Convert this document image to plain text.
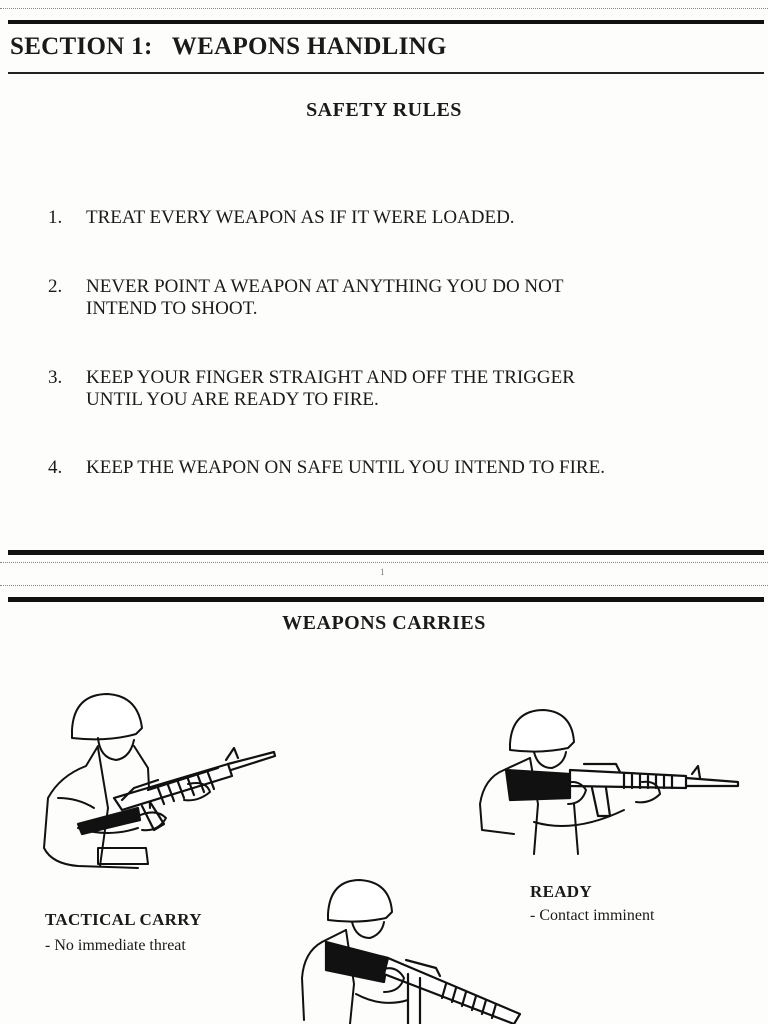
SECTION 1:   WEAPONS HANDLING
SAFETY RULES
1. TREAT EVERY WEAPON AS IF IT WERE LOADED.
2. NEVER POINT A WEAPON AT ANYTHING YOU DO NOT
INTEND TO SHOOT.
3. KEEP YOUR FINGER STRAIGHT AND OFF THE TRIGGER
UNTIL YOU ARE READY TO FIRE.
4. KEEP THE WEAPON ON SAFE UNTIL YOU INTEND TO FIRE.
1
WEAPONS CARRIES
TACTICAL CARRY
- No immediate threat
READY
- Contact imminent
